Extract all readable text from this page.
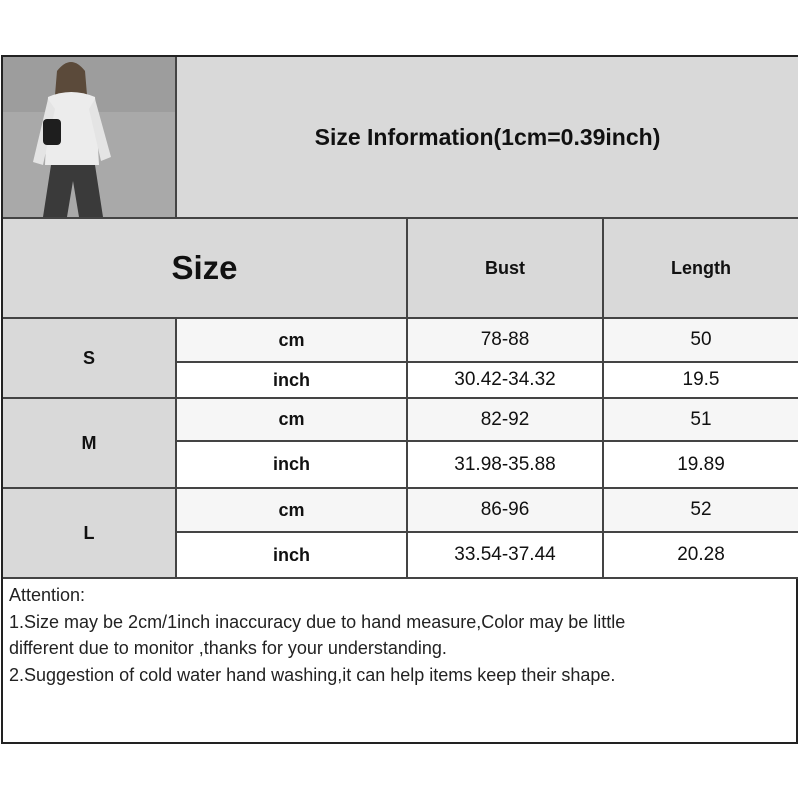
Size Information(1cm=0.39inch)
Size	Bust	Length
S
cm	78-88	50
inch	30.42-34.32	19.5
M
cm	82-92	51
inch	31.98-35.88	19.89
L
cm	86-96	52
inch	33.54-37.44	20.28

Attention:

1.Size may be 2cm/1inch inaccuracy due to hand measure,Color may be little

different due to monitor ,thanks for your understanding.

2.Suggestion of cold water hand washing,it can help items keep their shape.
